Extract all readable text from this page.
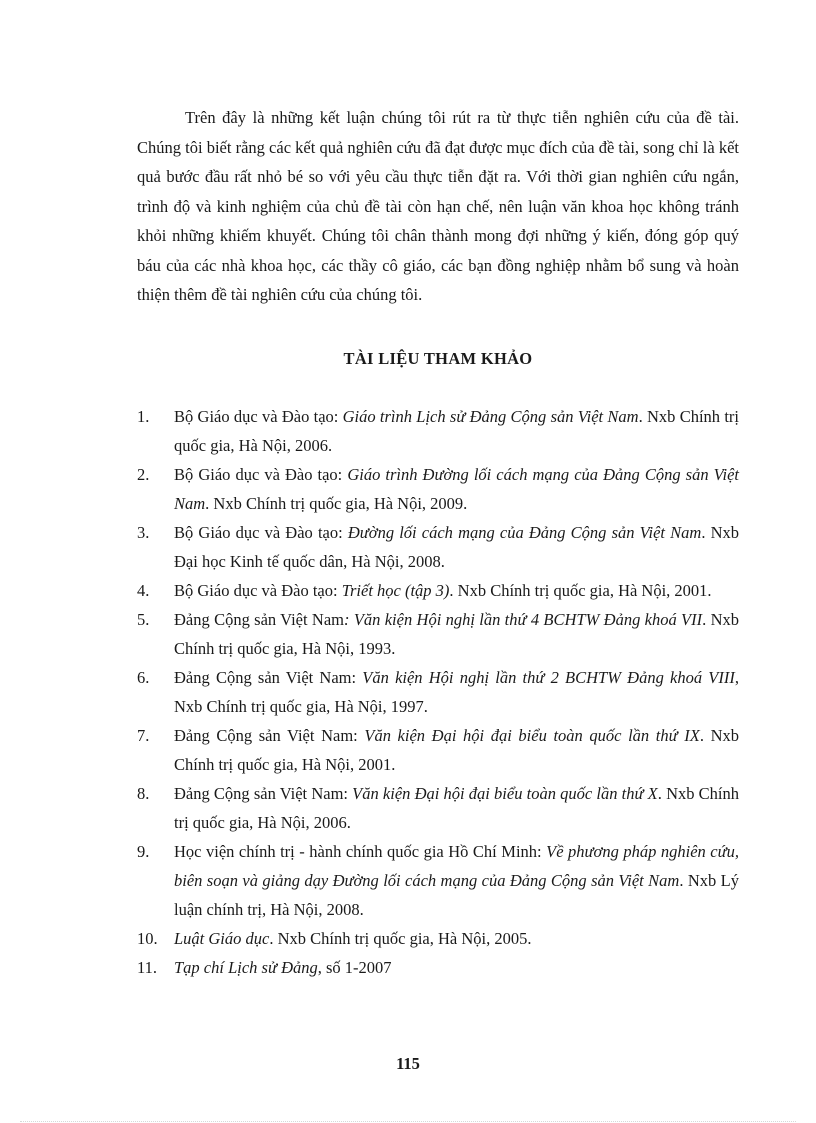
Trên đây là những kết luận chúng tôi rút ra từ thực tiễn nghiên cứu của đề tài. Chúng tôi biết rằng các kết quả nghiên cứu đã đạt được mục đích của đề tài, song chỉ là kết quả bước đầu rất nhỏ bé so với yêu cầu thực tiễn đặt ra. Với thời gian nghiên cứu ngắn, trình độ và kinh nghiệm của chủ đề tài còn hạn chế, nên luận văn khoa học không tránh khỏi những khiếm khuyết. Chúng tôi chân thành mong đợi những ý kiến, đóng góp quý báu của các nhà khoa học, các thầy cô giáo, các bạn đồng nghiệp nhằm bổ sung và hoàn thiện thêm đề tài nghiên cứu của chúng tôi.

TÀI LIỆU THAM KHẢO
1. Bộ Giáo dục và Đào tạo: Giáo trình Lịch sử Đảng Cộng sản Việt Nam. Nxb Chính trị quốc gia, Hà Nội, 2006.
2. Bộ Giáo dục và Đào tạo: Giáo trình Đường lối cách mạng của Đảng Cộng sản Việt Nam. Nxb Chính trị quốc gia, Hà Nội, 2009.
3. Bộ Giáo dục và Đào tạo: Đường lối cách mạng của Đảng Cộng sản Việt Nam. Nxb Đại học Kinh tế quốc dân, Hà Nội, 2008.
4. Bộ Giáo dục và Đào tạo: Triết học (tập 3). Nxb Chính trị quốc gia, Hà Nội, 2001.
5. Đảng Cộng sản Việt Nam: Văn kiện Hội nghị lần thứ 4 BCHTW Đảng khoá VII. Nxb Chính trị quốc gia, Hà Nội, 1993.
6. Đảng Cộng sản Việt Nam: Văn kiện Hội nghị lần thứ 2 BCHTW Đảng khoá VIII, Nxb Chính trị quốc gia, Hà Nội, 1997.
7. Đảng Cộng sản Việt Nam: Văn kiện Đại hội đại biểu toàn quốc lần thứ IX. Nxb Chính trị quốc gia, Hà Nội, 2001.
8. Đảng Cộng sản Việt Nam: Văn kiện Đại hội đại biểu toàn quốc lần thứ X. Nxb Chính trị quốc gia, Hà Nội, 2006.
9. Học viện chính trị - hành chính quốc gia Hồ Chí Minh: Về phương pháp nghiên cứu, biên soạn và giảng dạy Đường lối cách mạng của Đảng Cộng sản Việt Nam. Nxb Lý luận chính trị, Hà Nội, 2008.
10. Luật Giáo dục. Nxb Chính trị quốc gia, Hà Nội, 2005.
11. Tạp chí Lịch sử Đảng, số 1-2007
115
